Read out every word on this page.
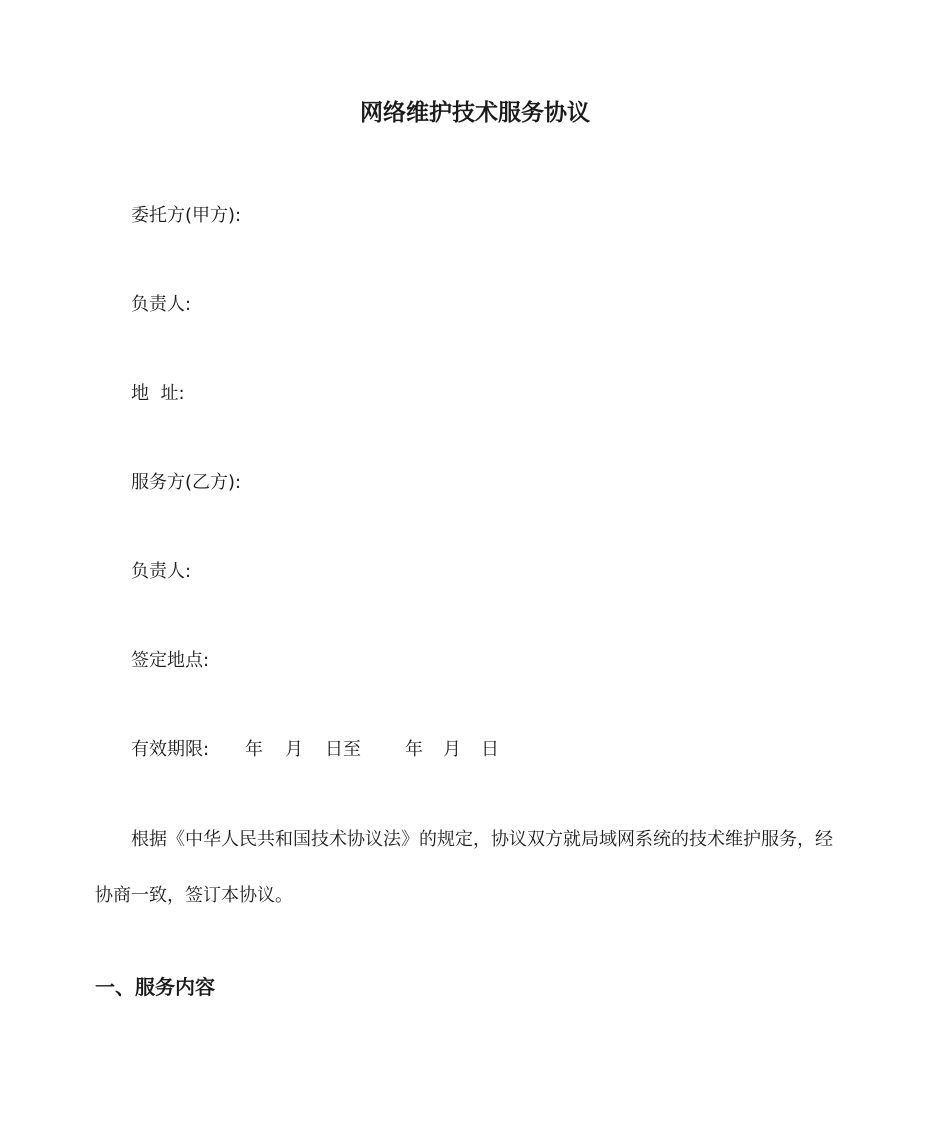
网络维护技术服务协议
委托方(甲方):
负责人:
地  址:
服务方(乙方):
负责人:
签定地点:
有效期限: 年 月 日至 年 月 日
根据《中华人民共和国技术协议法》的规定，协议双方就局域网系统的技术维护服务，经
协商一致，签订本协议。
一、服务内容
